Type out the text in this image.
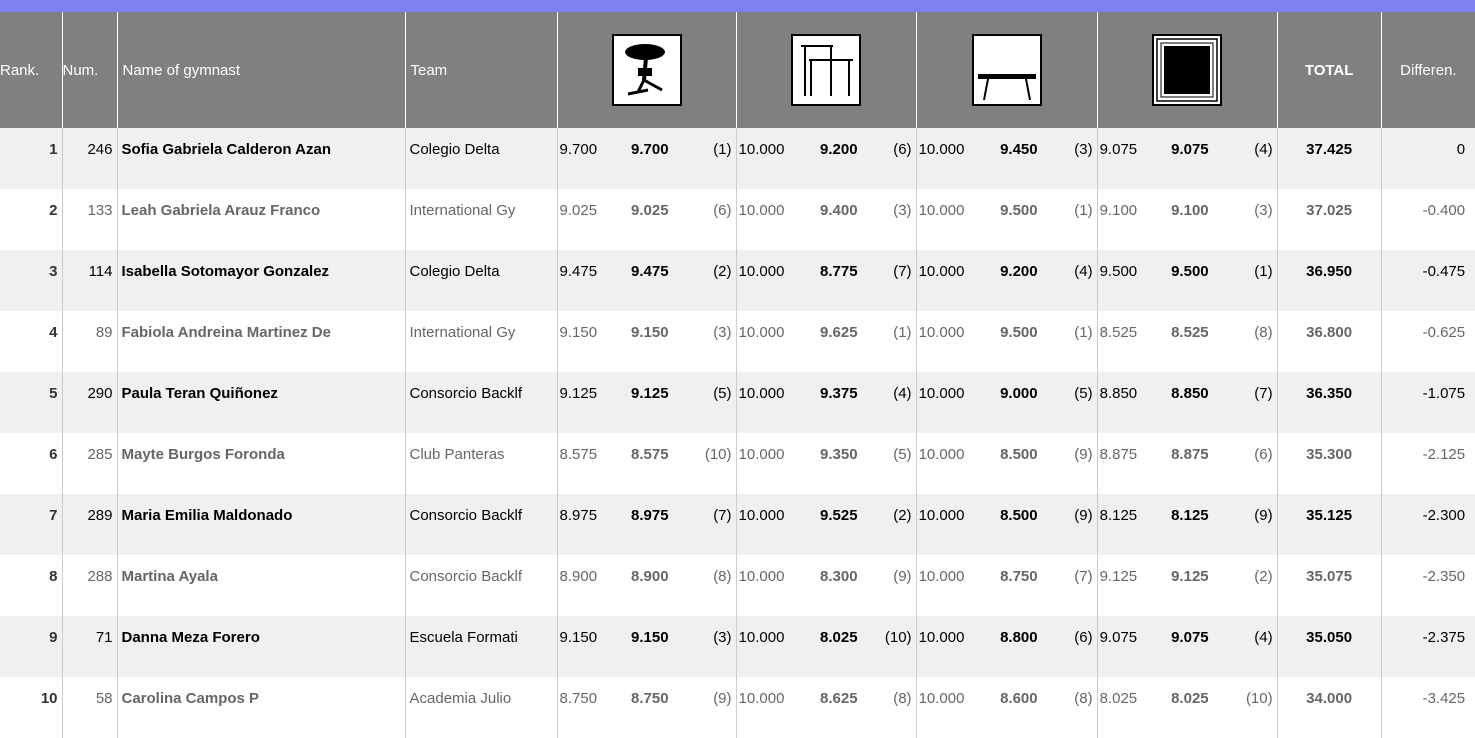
Rank.	Num.	Name of gymnast	Team													TOTAL	Differen.
1	246	Sofia Gabriela Calderon Azan	Colegio Delta	9.700	9.700	(1)	10.000	9.200	(6)	10.000	9.450	(3)	9.075	9.075	(4)	37.425	0
2	133	Leah Gabriela Arauz Franco	International Gy	9.025	9.025	(6)	10.000	9.400	(3)	10.000	9.500	(1)	9.100	9.100	(3)	37.025	-0.400
3	114	Isabella Sotomayor Gonzalez	Colegio Delta	9.475	9.475	(2)	10.000	8.775	(7)	10.000	9.200	(4)	9.500	9.500	(1)	36.950	-0.475
4	89	Fabiola Andreina Martinez De	International Gy	9.150	9.150	(3)	10.000	9.625	(1)	10.000	9.500	(1)	8.525	8.525	(8)	36.800	-0.625
5	290	Paula Teran Quiñonez	Consorcio Backlf	9.125	9.125	(5)	10.000	9.375	(4)	10.000	9.000	(5)	8.850	8.850	(7)	36.350	-1.075
6	285	Mayte Burgos Foronda	Club Panteras	8.575	8.575	(10)	10.000	9.350	(5)	10.000	8.500	(9)	8.875	8.875	(6)	35.300	-2.125
7	289	Maria Emilia Maldonado	Consorcio Backlf	8.975	8.975	(7)	10.000	9.525	(2)	10.000	8.500	(9)	8.125	8.125	(9)	35.125	-2.300
8	288	Martina Ayala	Consorcio Backlf	8.900	8.900	(8)	10.000	8.300	(9)	10.000	8.750	(7)	9.125	9.125	(2)	35.075	-2.350
9	71	Danna Meza Forero	Escuela Formati	9.150	9.150	(3)	10.000	8.025	(10)	10.000	8.800	(6)	9.075	9.075	(4)	35.050	-2.375
10	58	Carolina Campos P	Academia Julio	8.750	8.750	(9)	10.000	8.625	(8)	10.000	8.600	(8)	8.025	8.025	(10)	34.000	-3.425
